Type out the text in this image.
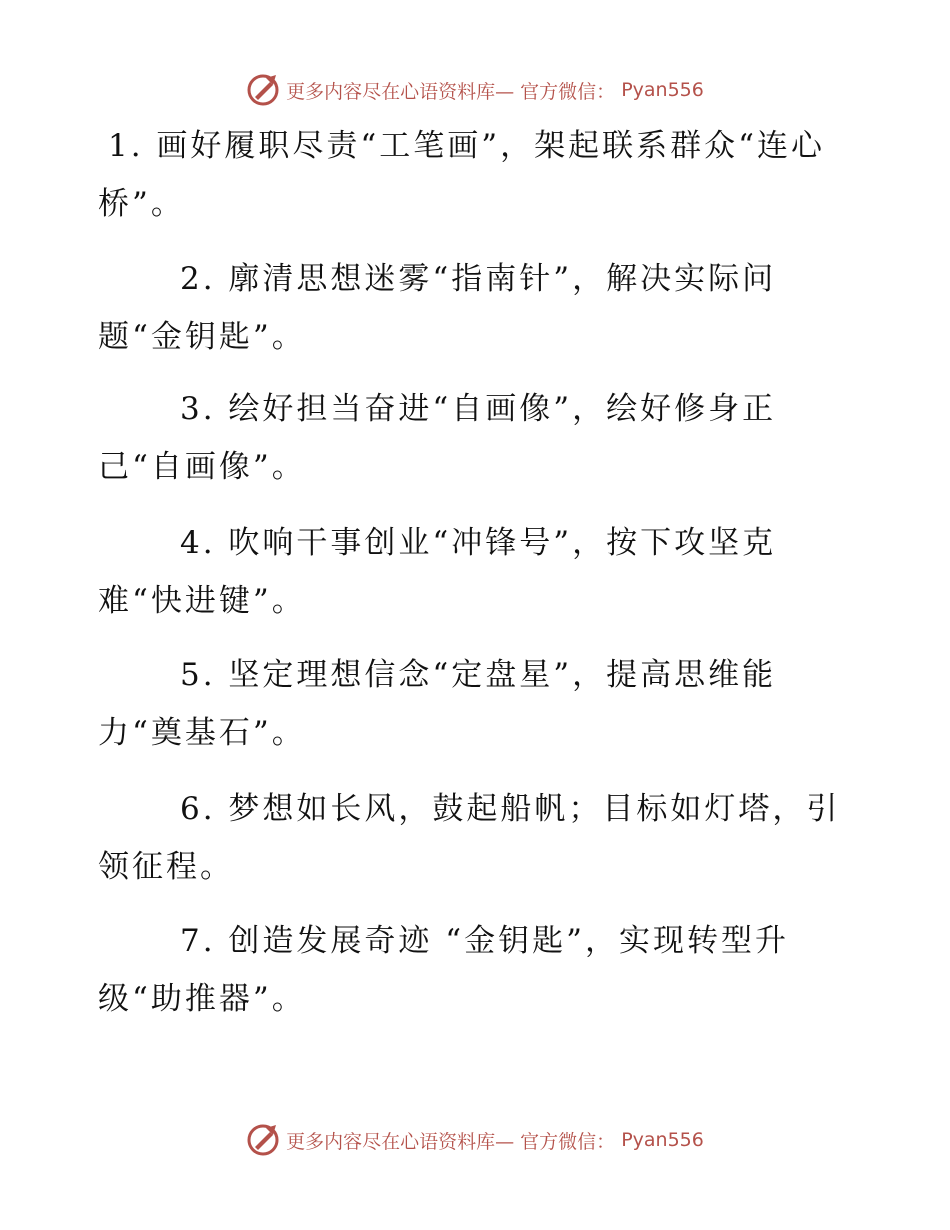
更多内容尽在心语资料库— 官方微信： Pyan556

1. 画好履职尽责“工笔画”，架起联系群众“连心桥”。

2. 廓清思想迷雾“指南针”，解决实际问题“金钥匙”。

3. 绘好担当奋进“自画像”，绘好修身正己“自画像”。

4. 吹响干事创业“冲锋号”，按下攻坚克难“快进键”。

5. 坚定理想信念“定盘星”，提高思维能力“奠基石”。

6. 梦想如长风，鼓起船帆；目标如灯塔，引领征程。

7. 创造发展奇迹 “金钥匙”，实现转型升级“助推器”。

更多内容尽在心语资料库— 官方微信： Pyan556
